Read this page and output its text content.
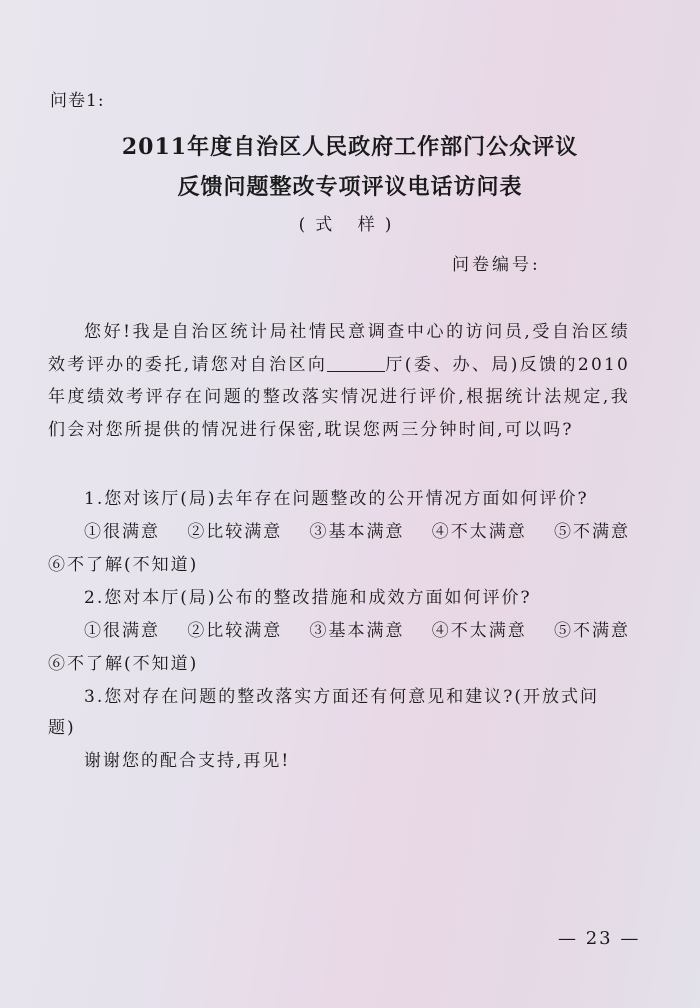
问卷1:
2011年度自治区人民政府工作部门公众评议
反馈问题整改专项评议电话访问表
(式 样)
问卷编号:
您好!我是自治区统计局社情民意调查中心的访问员,受自治区绩效考评办的委托,请您对自治区向	厅(委、办、局)反馈的2010年度绩效考评存在问题的整改落实情况进行评价,根据统计法规定,我们会对您所提供的情况进行保密,耽误您两三分钟时间,可以吗?
1.您对该厅(局)去年存在问题整改的公开情况方面如何评价?
①很满意 ②比较满意 ③基本满意 ④不太满意 ⑤不满意
⑥不了解(不知道)
2.您对本厅(局)公布的整改措施和成效方面如何评价?
①很满意 ②比较满意 ③基本满意 ④不太满意 ⑤不满意
⑥不了解(不知道)
3.您对存在问题的整改落实方面还有何意见和建议?(开放式问
题)
谢谢您的配合支持,再见!
— 23 —
